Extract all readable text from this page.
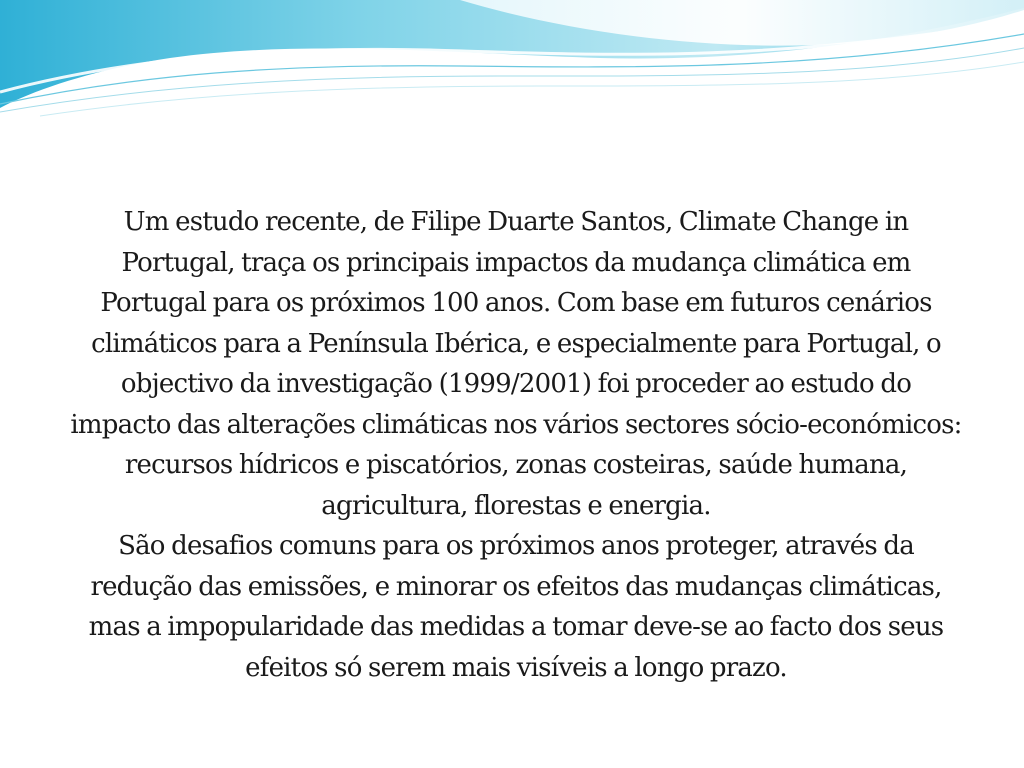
Um estudo recente, de Filipe Duarte Santos, Climate Change in Portugal, traça os principais impactos da mudança climática em Portugal para os próximos 100 anos. Com base em futuros cenários climáticos para a Península Ibérica, e especialmente para Portugal, o objectivo da investigação (1999/2001) foi proceder ao estudo do impacto das alterações climáticas nos vários sectores sócio-económicos: recursos hídricos e piscatórios, zonas costeiras, saúde humana, agricultura, florestas e energia.

São desafios comuns para os próximos anos proteger, através da redução das emissões, e minorar os efeitos das mudanças climáticas, mas a impopularidade das medidas a tomar deve-se ao facto dos seus efeitos só serem mais visíveis a longo prazo.
